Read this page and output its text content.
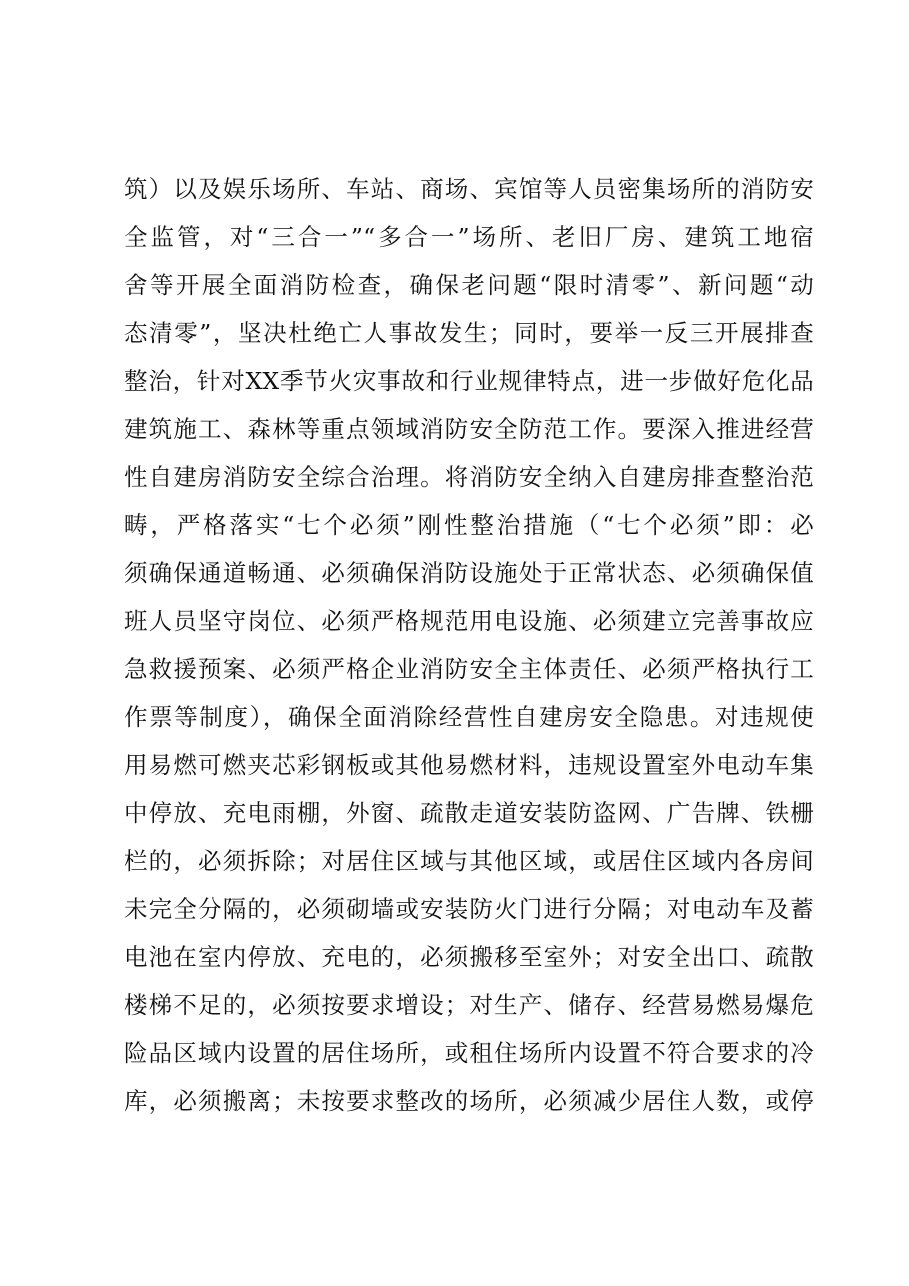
筑）以及娱乐场所、车站、商场、宾馆等人员密集场所的消防安
全监管，对“三合一”“多合一”场所、老旧厂房、建筑工地宿
舍等开展全面消防检查，确保老问题“限时清零”、新问题“动
态清零”，坚决杜绝亡人事故发生；同时，要举一反三开展排查
整治，针对XX季节火灾事故和行业规律特点，进一步做好危化品
建筑施工、森林等重点领域消防安全防范工作。要深入推进经营
性自建房消防安全综合治理。将消防安全纳入自建房排查整治范
畴，严格落实“七个必须”刚性整治措施（“七个必须”即：必
须确保通道畅通、必须确保消防设施处于正常状态、必须确保值
班人员坚守岗位、必须严格规范用电设施、必须建立完善事故应
急救援预案、必须严格企业消防安全主体责任、必须严格执行工
作票等制度），确保全面消除经营性自建房安全隐患。对违规使
用易燃可燃夹芯彩钢板或其他易燃材料，违规设置室外电动车集
中停放、充电雨棚，外窗、疏散走道安装防盗网、广告牌、铁栅
栏的，必须拆除；对居住区域与其他区域，或居住区域内各房间
未完全分隔的，必须砌墙或安装防火门进行分隔；对电动车及蓄
电池在室内停放、充电的，必须搬移至室外；对安全出口、疏散
楼梯不足的，必须按要求增设；对生产、储存、经营易燃易爆危
险品区域内设置的居住场所，或租住场所内设置不符合要求的冷
库，必须搬离；未按要求整改的场所，必须减少居住人数，或停
